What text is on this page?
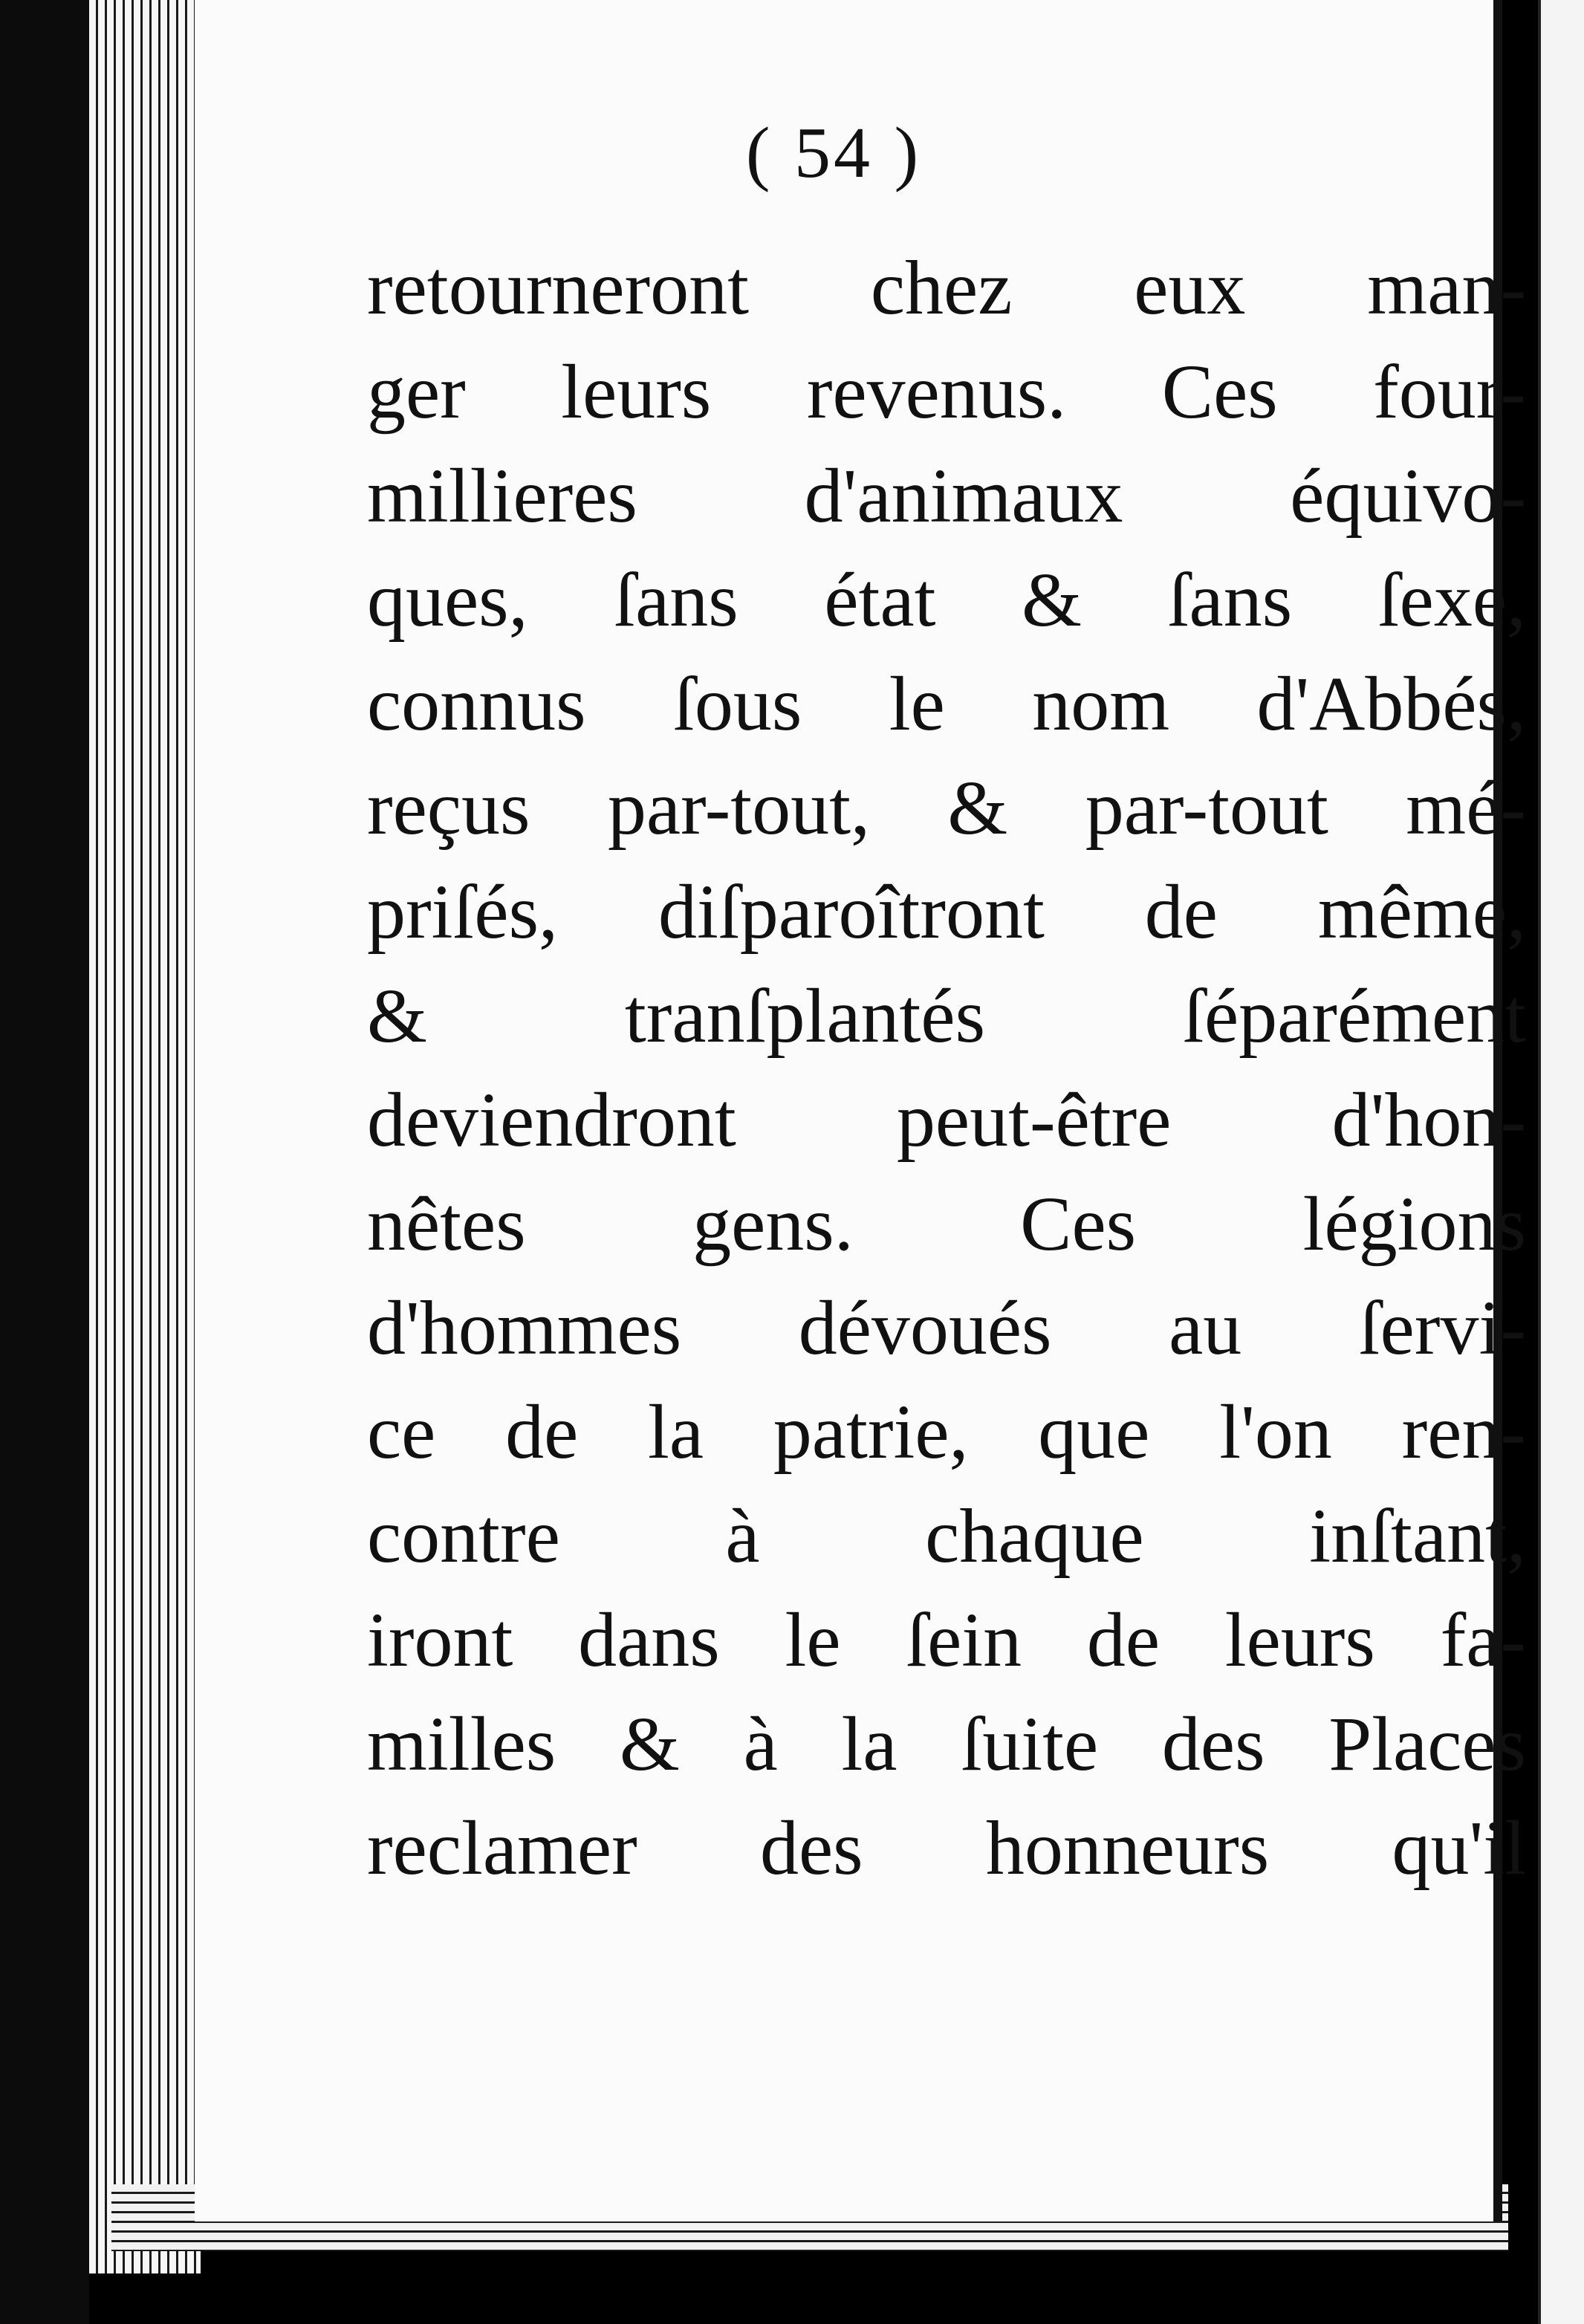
( 54 )
retourneront chez eux man-
ger leurs revenus. Ces four-
millieres d'animaux équivo-
ques, ſans état & ſans ſexe,
connus ſous le nom d'Abbés,
reçus par-tout, & par-tout mé-
priſés, diſparoîtront de même,
& tranſplantés ſéparément
deviendront peut-être d'hon-
nêtes gens. Ces légions
d'hommes dévoués au ſervi-
ce de la patrie, que l'on ren-
contre à chaque inſtant,
iront dans le ſein de leurs fa-
milles & à la ſuite des Places
reclamer des honneurs qu'il
